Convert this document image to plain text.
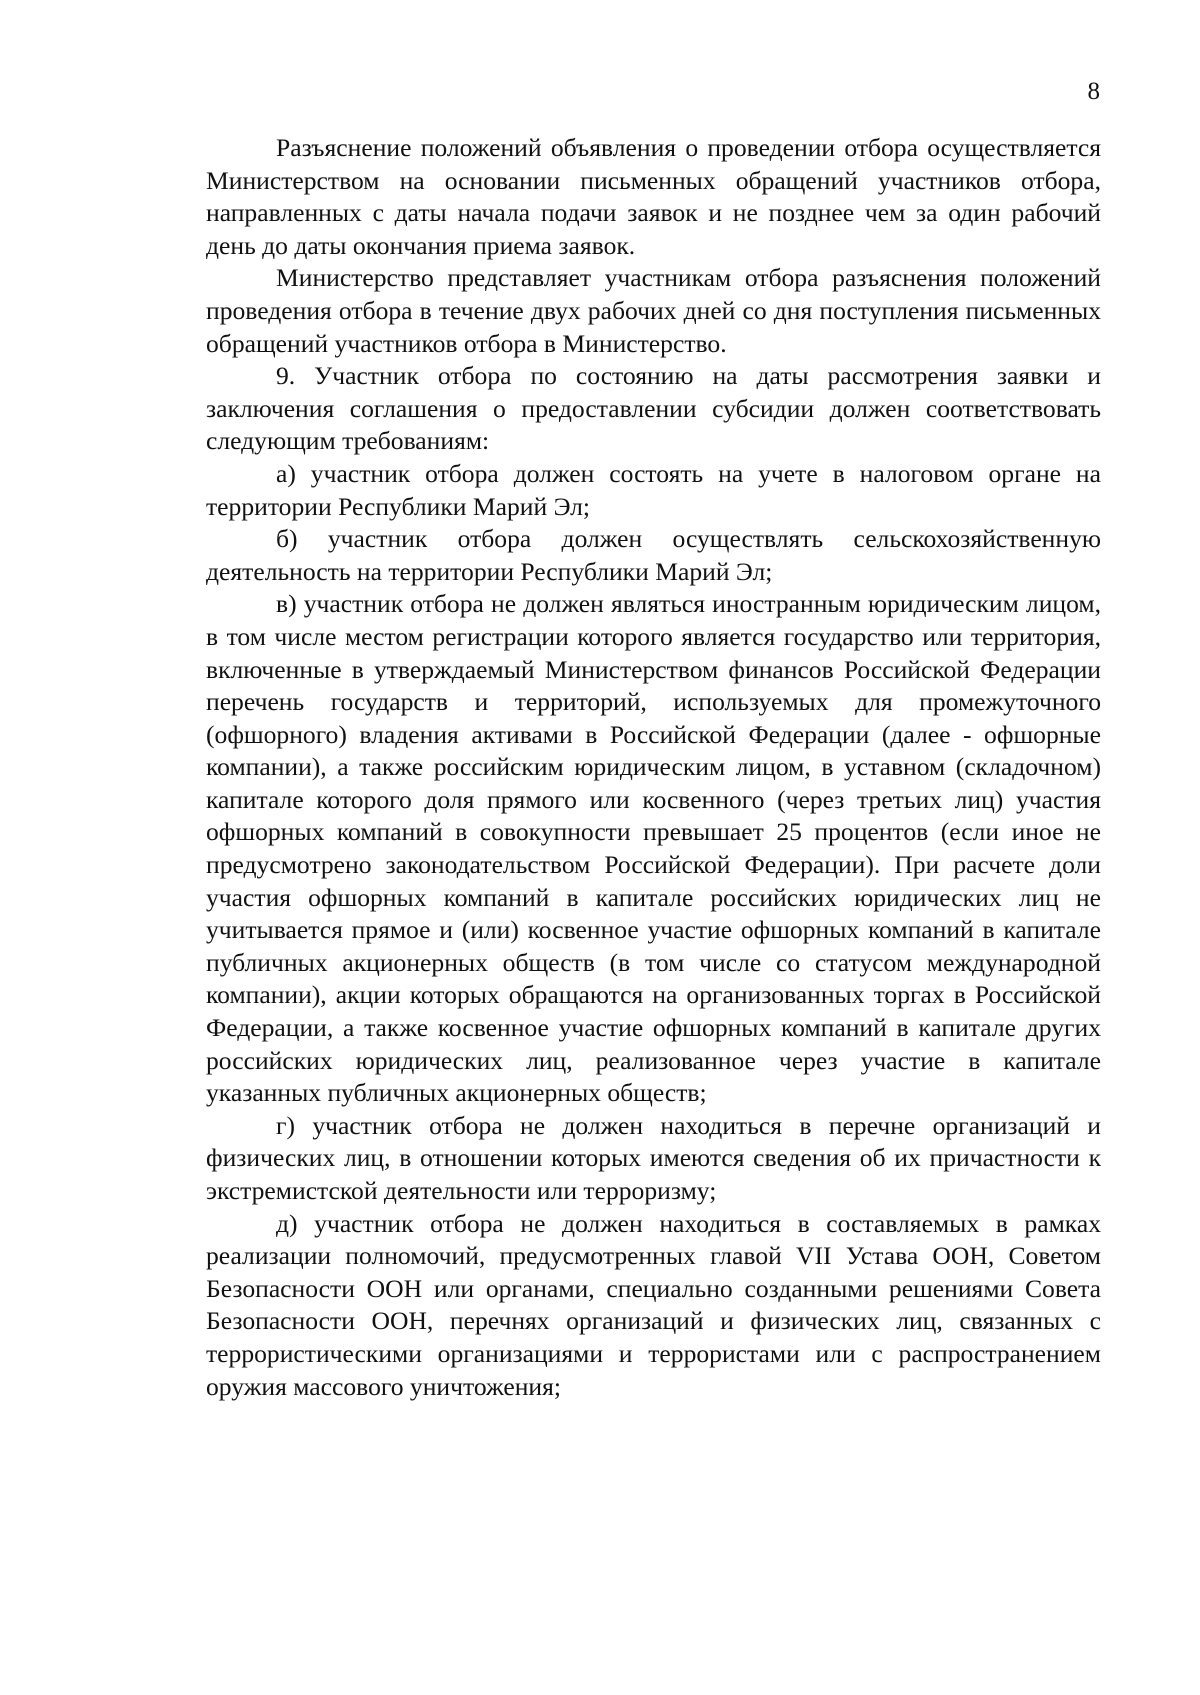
8

Разъяснение положений объявления о проведении отбора осуществляется Министерством на основании письменных обращений участников отбора, направленных с даты начала подачи заявок и не позднее чем за один рабочий день до даты окончания приема заявок.

Министерство представляет участникам отбора разъяснения положений проведения отбора в течение двух рабочих дней со дня поступления письменных обращений участников отбора в Министерство.

9. Участник отбора по состоянию на даты рассмотрения заявки и заключения соглашения о предоставлении субсидии должен соответствовать следующим требованиям:

а) участник отбора должен состоять на учете в налоговом органе на территории Республики Марий Эл;

б) участник отбора должен осуществлять сельскохозяйственную деятельность на территории Республики Марий Эл;

в) участник отбора не должен являться иностранным юридическим лицом, в том числе местом регистрации которого является государство или территория, включенные в утверждаемый Министерством финансов Российской Федерации перечень государств и территорий, используемых для промежуточного (офшорного) владения активами в Российской Федерации (далее - офшорные компании), а также российским юридическим лицом, в уставном (складочном) капитале которого доля прямого или косвенного (через третьих лиц) участия офшорных компаний в совокупности превышает 25 процентов (если иное не предусмотрено законодательством Российской Федерации). При расчете доли участия офшорных компаний в капитале российских юридических лиц не учитывается прямое и (или) косвенное участие офшорных компаний в капитале публичных акционерных обществ (в том числе со статусом международной компании), акции которых обращаются на организованных торгах в Российской Федерации, а также косвенное участие офшорных компаний в капитале других российских юридических лиц, реализованное через участие в капитале указанных публичных акционерных обществ;

г) участник отбора не должен находиться в перечне организаций и физических лиц, в отношении которых имеются сведения об их причастности к экстремистской деятельности или терроризму;

д) участник отбора не должен находиться в составляемых в рамках реализации полномочий, предусмотренных главой VII Устава ООН, Советом Безопасности ООН или органами, специально созданными решениями Совета Безопасности ООН, перечнях организаций и физических лиц, связанных с террористическими организациями и террористами или с распространением оружия массового уничтожения;
